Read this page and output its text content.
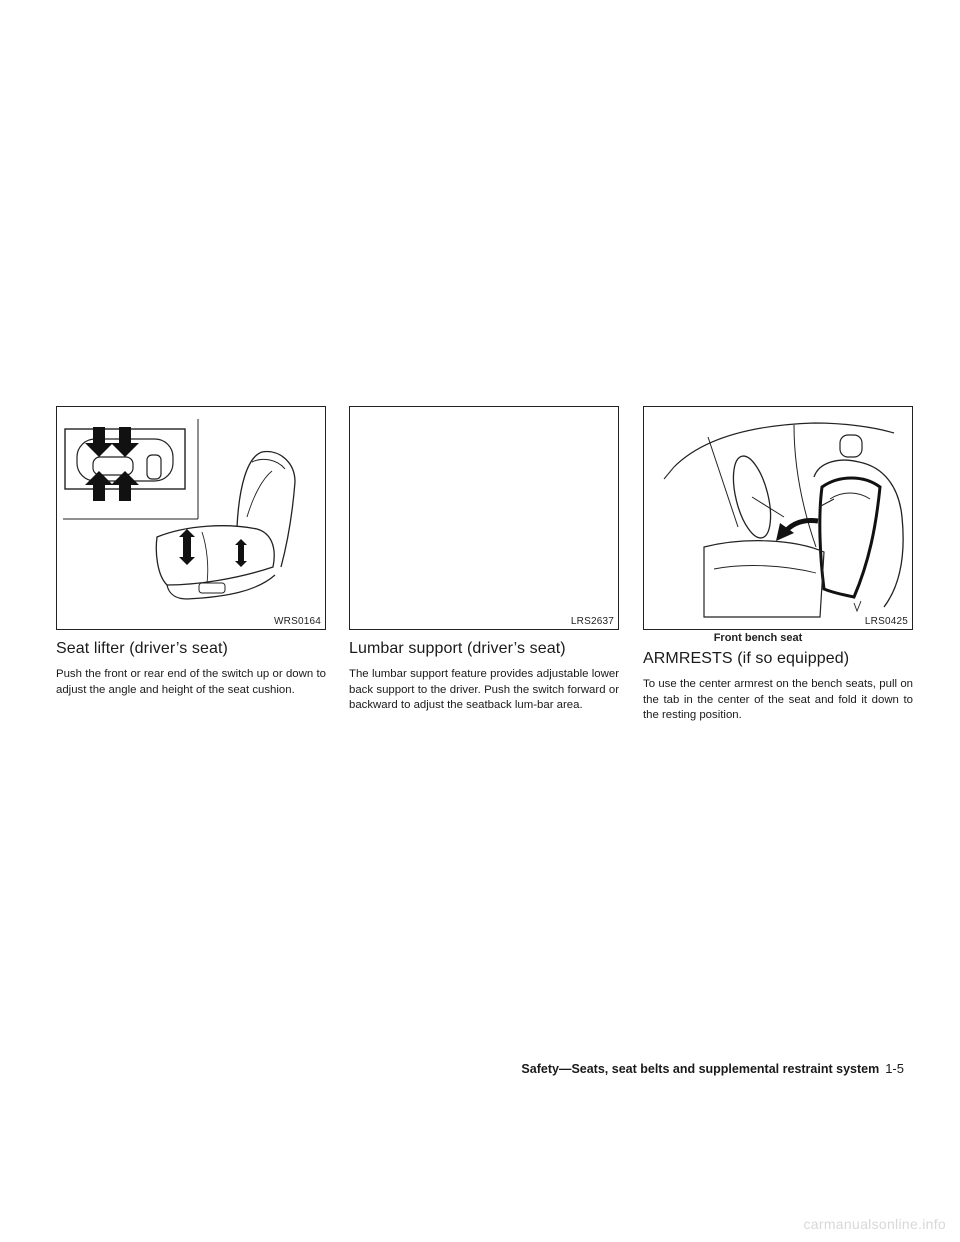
WRS0164
Seat lifter (driver’s seat)

Push the front or rear end of the switch up or down to adjust the angle and height of the seat cushion.

LRS2637
Lumbar support (driver’s seat)

The lumbar support feature provides adjustable lower back support to the driver. Push the switch forward or backward to adjust the seatback lum-bar area.

LRS0425
Front bench seat
ARMRESTS (if so equipped)

To use the center armrest on the bench seats, pull on the tab in the center of the seat and fold it down to the resting position.

Safety—Seats, seat belts and supplemental restraint system 1-5
carmanualsonline.info
